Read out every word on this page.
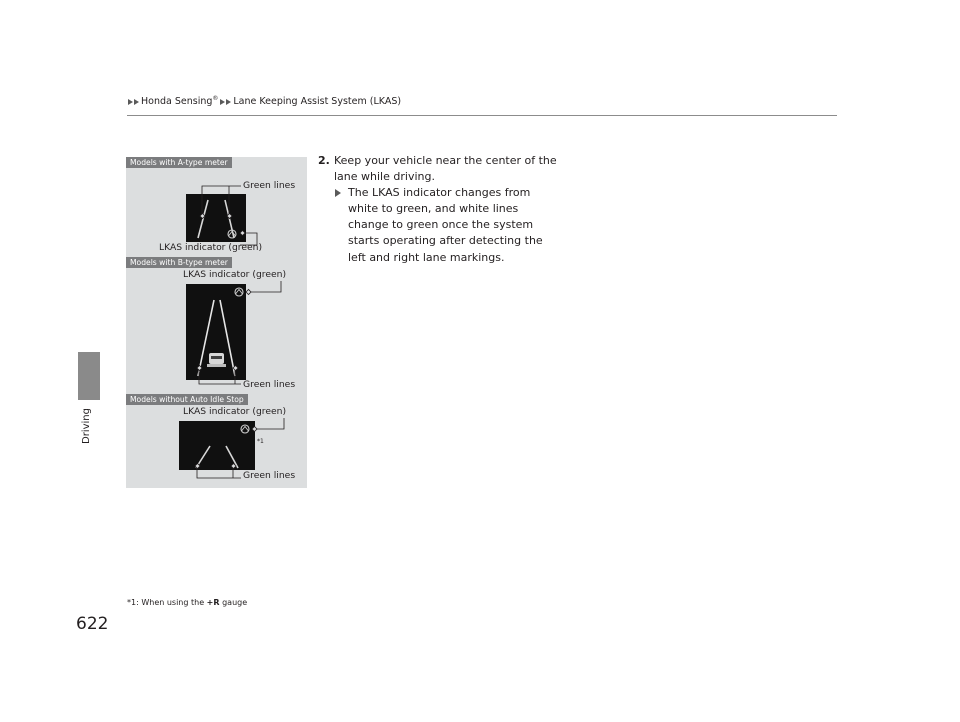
Honda Sensing® Lane Keeping Assist System (LKAS)
Driving
622
Models with A-type meter
Green lines
LKAS indicator (green)
Models with B-type meter
LKAS indicator (green)
Green lines
Models without Auto Idle Stop
LKAS indicator (green)
*1
Green lines
2. Keep your vehicle near the center of the lane while driving.
The LKAS indicator changes from white to green, and white lines change to green once the system starts operating after detecting the left and right lane markings.
*1: When using the +R gauge
